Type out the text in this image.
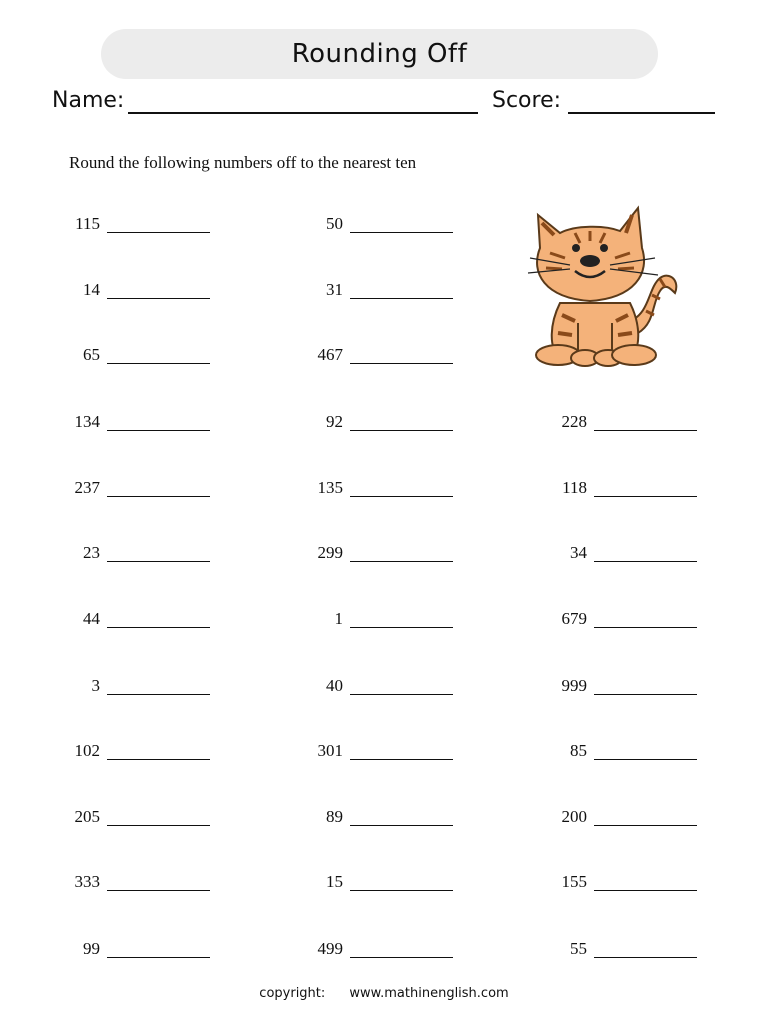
Rounding Off
Name:	Score:
Round the following numbers off to the nearest ten
115
14
65
134
237
23
44
3
102
205
333
99
50
31
467
92
135
299
1
40
301
89
15
499
228
118
34
679
999
85
200
155
55
copyright: www.mathinenglish.com
